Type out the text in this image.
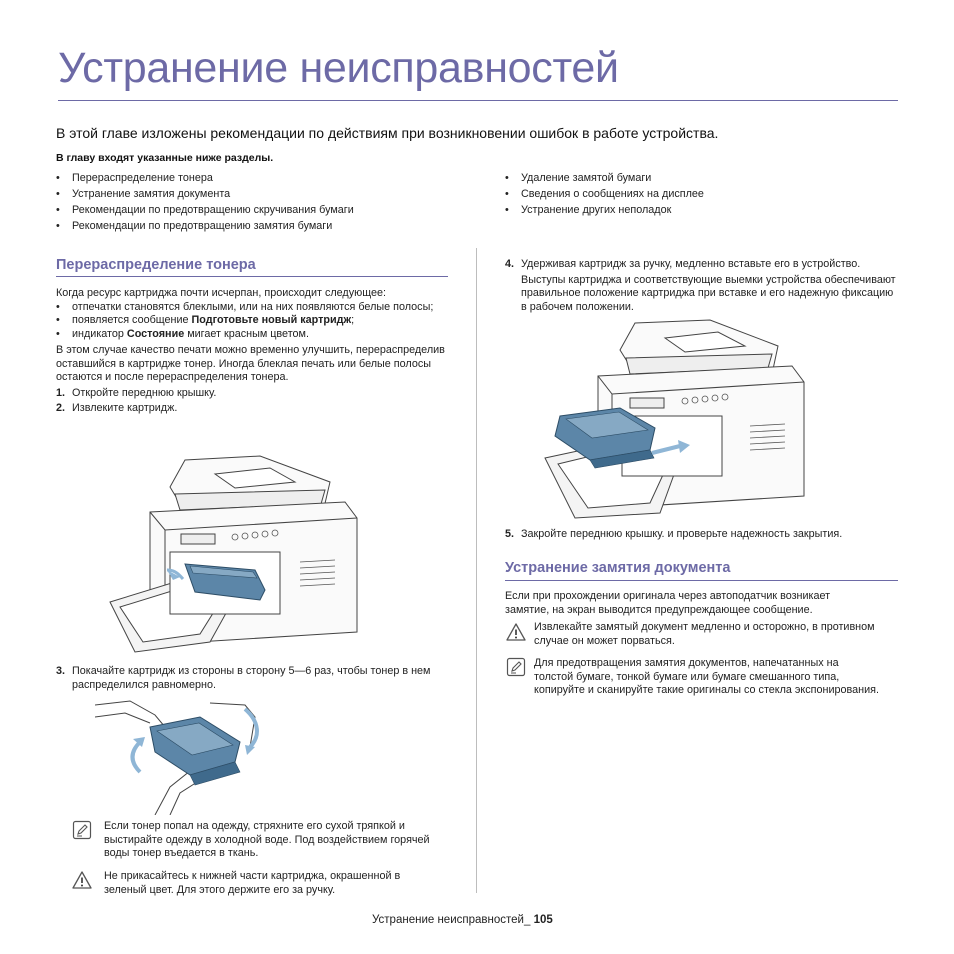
Устранение неисправностей
В этой главе изложены рекомендации по действиям при возникновении ошибок в работе устройства.
В главу входят указанные ниже разделы.
• Перераспределение тонера
• Устранение замятия документа
• Рекомендации по предотвращению скручивания бумаги
• Рекомендации по предотвращению замятия бумаги
• Удаление замятой бумаги
• Сведения о сообщениях на дисплее
• Устранение других неполадок
Перераспределение тонера
Когда ресурс картриджа почти исчерпан, происходит следующее:
• отпечатки становятся блеклыми, или на них появляются белые полосы;
• появляется сообщение Подготовьте новый картридж;
• индикатор Состояние мигает красным цветом.
В этом случае качество печати можно временно улучшить, перераспределив оставшийся в картридже тонер. Иногда блеклая печать или белые полосы остаются и после перераспределения тонера.
1. Откройте переднюю крышку.
2. Извлеките картридж.
3. Покачайте картридж из стороны в сторону 5—6 раз, чтобы тонер в нем распределился равномерно.
Если тонер попал на одежду, стряхните его сухой тряпкой и выстирайте одежду в холодной воде. Под воздействием горячей воды тонер въедается в ткань.
Не прикасайтесь к нижней части картриджа, окрашенной в зеленый цвет. Для этого держите его за ручку.
4. Удерживая картридж за ручку, медленно вставьте его в устройство.
Выступы картриджа и соответствующие выемки устройства обеспечивают правильное положение картриджа при вставке и его надежную фиксацию в рабочем положении.
5. Закройте переднюю крышку. и проверьте надежность закрытия.
Устранение замятия документа
Если при прохождении оригинала через автоподатчик возникает замятие, на экран выводится предупреждающее сообщение.
Извлекайте замятый документ медленно и осторожно, в противном случае он может порваться.
Для предотвращения замятия документов, напечатанных на толстой бумаге, тонкой бумаге или бумаге смешанного типа, копируйте и сканируйте такие оригиналы со стекла экспонирования.
Устранение неисправностей_ 105
